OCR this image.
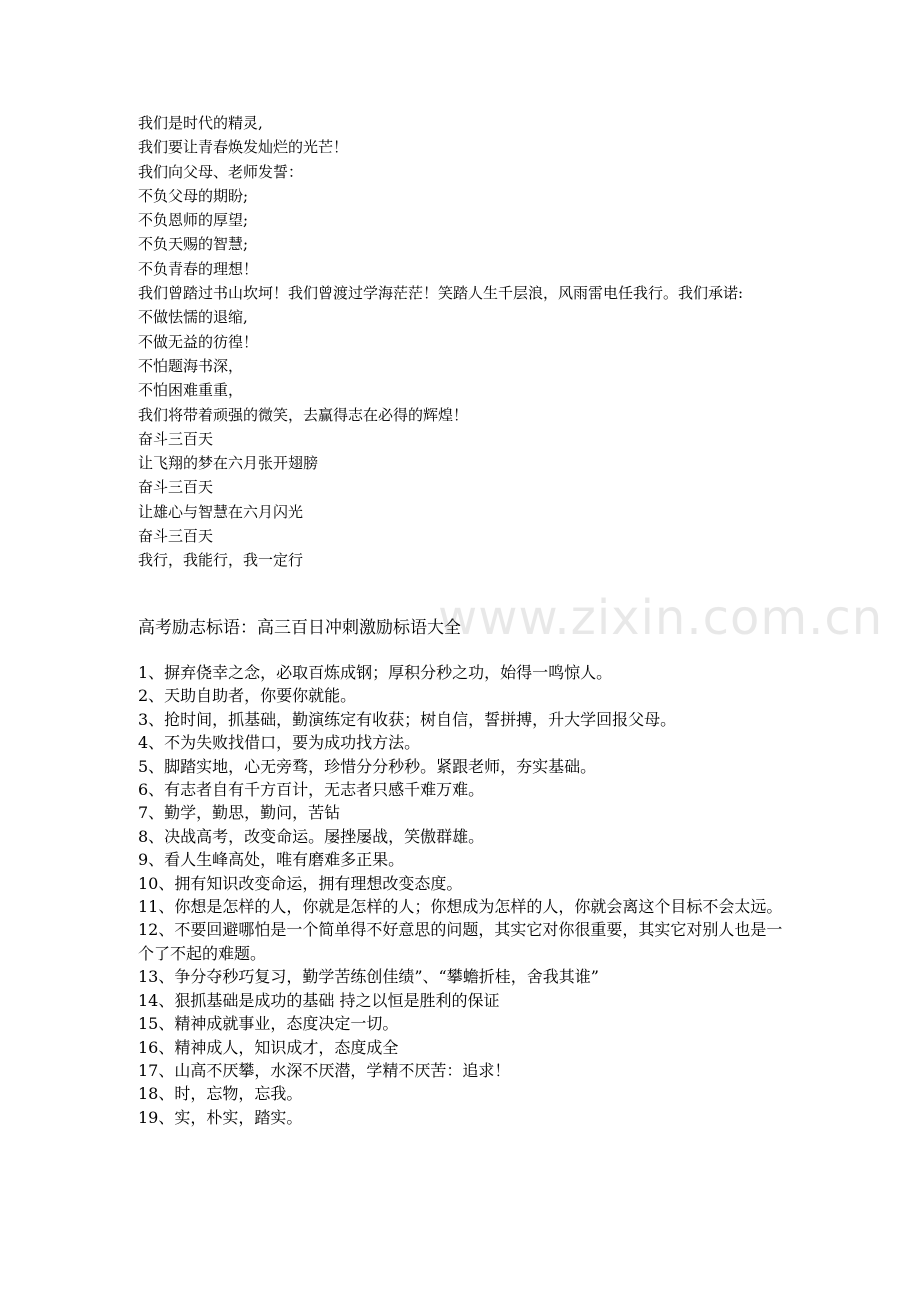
我们是时代的精灵,
我们要让青春焕发灿烂的光芒！
我们向父母、老师发誓：
不负父母的期盼;
不负恩师的厚望;
不负天赐的智慧;
不负青春的理想！
我们曾踏过书山坎坷！我们曾渡过学海茫茫！笑踏人生千层浪，风雨雷电任我行。我们承诺:
不做怯懦的退缩,
不做无益的彷徨！
不怕题海书深，
不怕困难重重，
我们将带着顽强的微笑，去赢得志在必得的辉煌！
奋斗三百天
让飞翔的梦在六月张开翅膀
奋斗三百天
让雄心与智慧在六月闪光
奋斗三百天
我行，我能行，我一定行
www.zixin.com.cn
高考励志标语：高三百日冲刺激励标语大全
1、摒弃侥幸之念，必取百炼成钢；厚积分秒之功，始得一鸣惊人。
2、天助自助者，你要你就能。
3、抢时间，抓基础，勤演练定有收获；树自信，誓拼搏，升大学回报父母。
4、不为失败找借口，要为成功找方法。
5、脚踏实地，心无旁骛，珍惜分分秒秒。紧跟老师，夯实基础。
6、有志者自有千方百计，无志者只感千难万难。
7、勤学，勤思，勤问，苦钻
8、决战高考，改变命运。屡挫屡战，笑傲群雄。
9、看人生峰高处，唯有磨难多正果。
10、拥有知识改变命运，拥有理想改变态度。
11、你想是怎样的人，你就是怎样的人；你想成为怎样的人，你就会离这个目标不会太远。
12、不要回避哪怕是一个简单得不好意思的问题，其实它对你很重要，其实它对别人也是一个了不起的难题。
13、争分夺秒巧复习，勤学苦练创佳绩”、“攀蟾折桂，舍我其谁”
14、狠抓基础是成功的基础 持之以恒是胜利的保证
15、精神成就事业，态度决定一切。
16、精神成人，知识成才，态度成全
17、山高不厌攀，水深不厌潜，学精不厌苦：追求！
18、时，忘物，忘我。
19、实，朴实，踏实。
